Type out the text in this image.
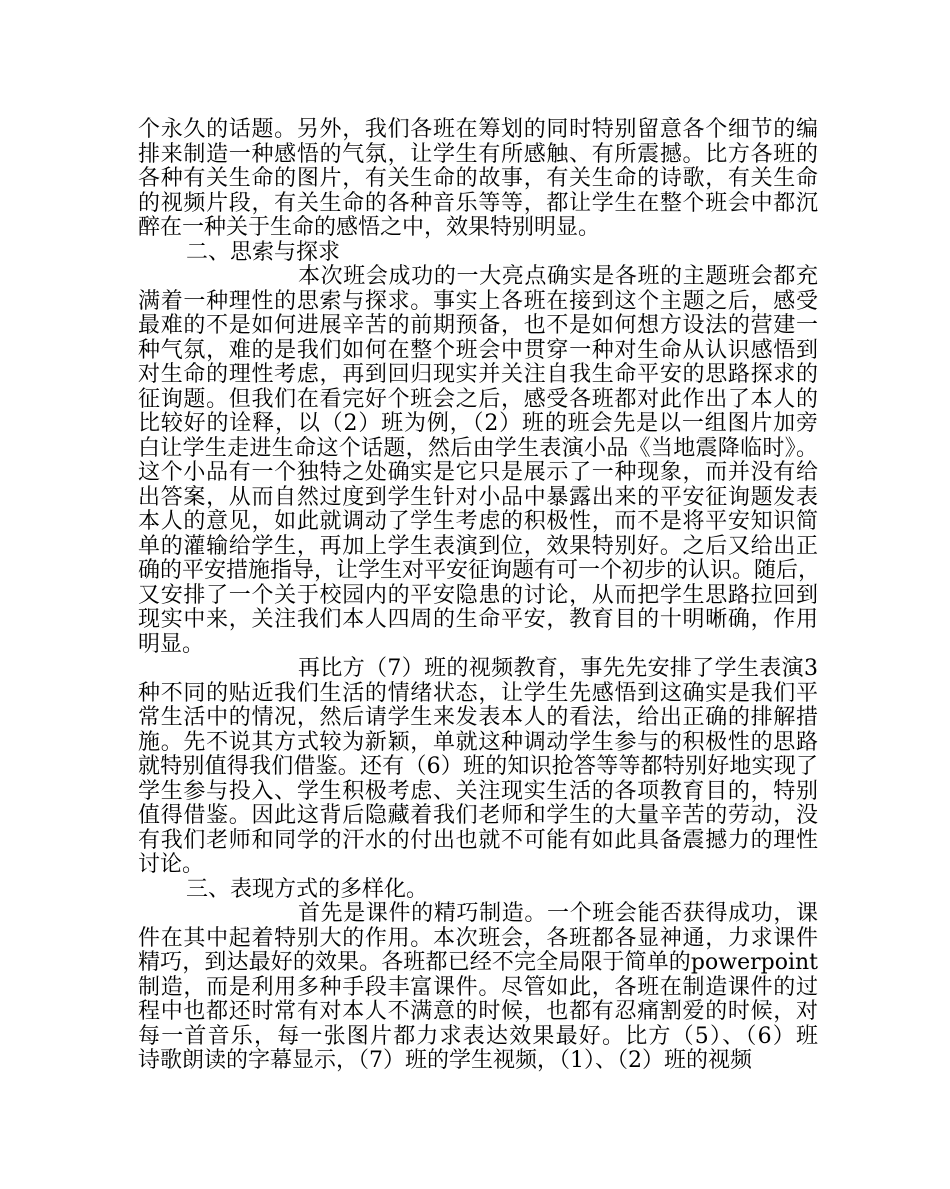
个永久的话题。另外，我们各班在筹划的同时特别留意各个细节的编
排来制造一种感悟的气氛，让学生有所感触、有所震撼。比方各班的
各种有关生命的图片，有关生命的故事，有关生命的诗歌，有关生命
的视频片段，有关生命的各种音乐等等，都让学生在整个班会中都沉
醉在一种关于生命的感悟之中，效果特别明显。
二、思索与探求
本次班会成功的一大亮点确实是各班的主题班会都充
满着一种理性的思索与探求。事实上各班在接到这个主题之后，感受
最难的不是如何进展辛苦的前期预备，也不是如何想方设法的营建一
种气氛，难的是我们如何在整个班会中贯穿一种对生命从认识感悟到
对生命的理性考虑，再到回归现实并关注自我生命平安的思路探求的
征询题。但我们在看完好个班会之后，感受各班都对此作出了本人的
比较好的诠释，以（2）班为例，（2）班的班会先是以一组图片加旁
白让学生走进生命这个话题，然后由学生表演小品《当地震降临时》。
这个小品有一个独特之处确实是它只是展示了一种现象，而并没有给
出答案，从而自然过度到学生针对小品中暴露出来的平安征询题发表
本人的意见，如此就调动了学生考虑的积极性，而不是将平安知识简
单的灌输给学生，再加上学生表演到位，效果特别好。之后又给出正
确的平安措施指导，让学生对平安征询题有可一个初步的认识。随后，
又安排了一个关于校园内的平安隐患的讨论，从而把学生思路拉回到
现实中来，关注我们本人四周的生命平安，教育目的十明晰确，作用
明显。
再比方（7）班的视频教育，事先先安排了学生表演3
种不同的贴近我们生活的情绪状态，让学生先感悟到这确实是我们平
常生活中的情况，然后请学生来发表本人的看法，给出正确的排解措
施。先不说其方式较为新颖，单就这种调动学生参与的积极性的思路
就特别值得我们借鉴。还有（6）班的知识抢答等等都特别好地实现了
学生参与投入、学生积极考虑、关注现实生活的各项教育目的，特别
值得借鉴。因此这背后隐藏着我们老师和学生的大量辛苦的劳动，没
有我们老师和同学的汗水的付出也就不可能有如此具备震撼力的理性
讨论。
三、表现方式的多样化。
首先是课件的精巧制造。一个班会能否获得成功，课
件在其中起着特别大的作用。本次班会，各班都各显神通，力求课件
精巧，到达最好的效果。各班都已经不完全局限于简单的powerpoint
制造，而是利用多种手段丰富课件。尽管如此，各班在制造课件的过
程中也都还时常有对本人不满意的时候，也都有忍痛割爱的时候，对
每一首音乐，每一张图片都力求表达效果最好。比方（5）、（6）班
诗歌朗读的字幕显示，（7）班的学生视频，（1）、（2）班的视频
